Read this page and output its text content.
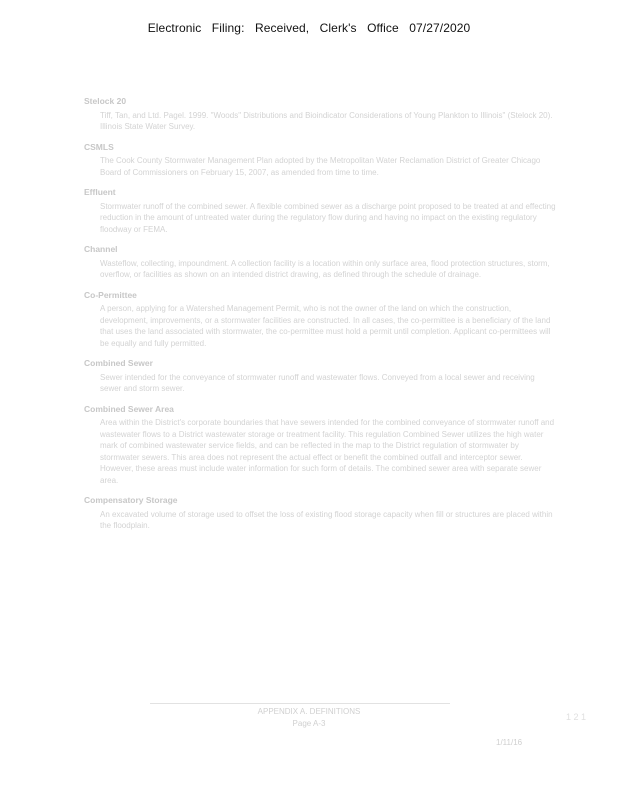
Electronic Filing: Received, Clerk's Office 07/27/2020
Stelock 20
Tiff, Tan, and Ltd. Pagel. 1999. "Woods" Distributions and Bioindicator Considerations of Young Plankton to Illinois" (Stelock 20). Illinois State Water Survey.
CSMLS
The Cook County Stormwater Management Plan adopted by the Metropolitan Water Reclamation District of Greater Chicago Board of Commissioners on February 15, 2007, as amended from time to time.
Effluent
Stormwater runoff of the combined sewer. A flexible combined sewer as a discharge point proposed to be treated at and effecting reduction in the amount of untreated water during the regulatory flow during and having no impact on the existing regulatory floodway or FEMA.
Channel
Wasteflow, collecting, impoundment. A collection facility is a location within only surface area, flood protection structures, storm, overflow, or facilities as shown on an intended district drawing, as defined through the schedule of drainage.
Co-Permittee
A person, applying for a Watershed Management Permit, who is not the owner of the land on which the construction, development, improvements, or a stormwater facilities are constructed. In all cases, the co-permittee is a beneficiary of the land that uses the land associated with stormwater, the co-permittee must hold a permit until completion. Applicant co-permittees will be equally and fully permitted.
Combined Sewer
Sewer intended for the conveyance of stormwater runoff and wastewater flows. Conveyed from a local sewer and receiving sewer and storm sewer.
Combined Sewer Area
Area within the District's corporate boundaries that have sewers intended for the combined conveyance of stormwater runoff and wastewater flows to a District wastewater storage or treatment facility. This regulation Combined Sewer utilizes the high water mark of combined wastewater service fields, and can be reflected in the map to the District regulation of stormwater by stormwater sewers. This area does not represent the actual effect or benefit the combined outfall and interceptor sewer. However, these areas must include water information for such form of details. The combined sewer area with separate sewer area.
Compensatory Storage
An excavated volume of storage used to offset the loss of existing flood storage capacity when fill or structures are placed within the floodplain.
APPENDIX A. DEFINITIONS
Page A-3
1 2 1
1/11/16
